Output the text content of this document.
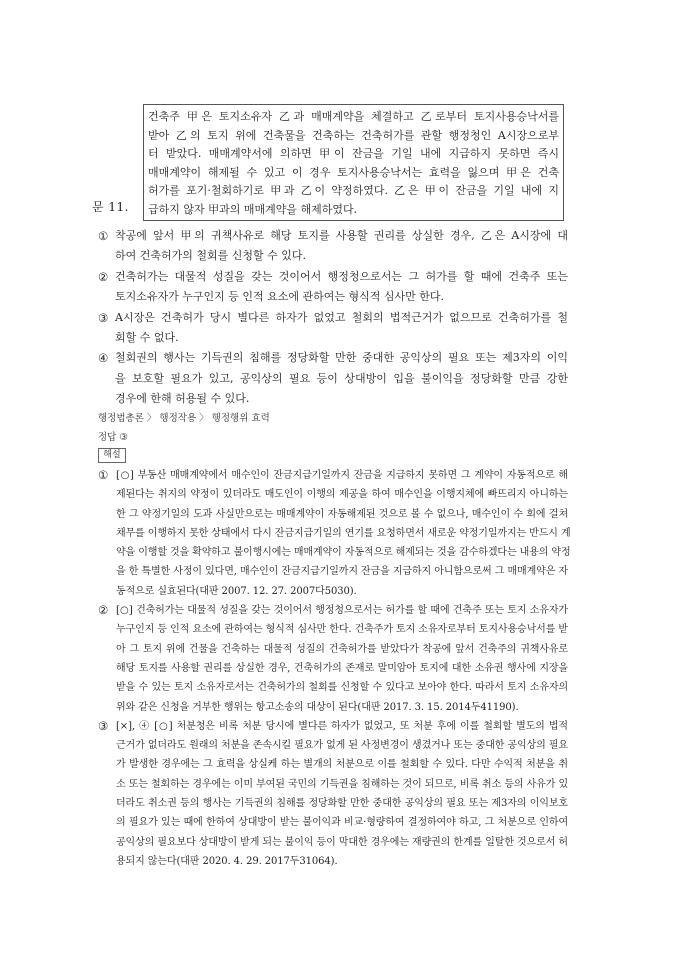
문 11.
건축주 甲은 토지소유자 乙과 매매계약을 체결하고 乙로부터 토지사용승낙서를
받아 乙의 토지 위에 건축물을 건축하는 건축허가를 관할 행정청인 A시장으로부
터 받았다. 매매계약서에 의하면 甲이 잔금을 기일 내에 지급하지 못하면 즉시
매매계약이 해제될 수 있고 이 경우 토지사용승낙서는 효력을 잃으며 甲은 건축
허가를 포기·철회하기로 甲과 乙이 약정하였다. 乙은 甲이 잔금을 기일 내에 지
급하지 않자 甲과의 매매계약을 해제하였다.
① 착공에 앞서 甲의 귀책사유로 해당 토지를 사용할 권리를 상실한 경우, 乙은 A시장에 대
하여 건축허가의 철회를 신청할 수 있다.
② 건축허가는 대물적 성질을 갖는 것이어서 행정청으로서는 그 허가를 할 때에 건축주 또는
토지소유자가 누구인지 등 인적 요소에 관하여는 형식적 심사만 한다.
③ A시장은 건축허가 당시 별다른 하자가 없었고 철회의 법적근거가 없으므로 건축허가를 철
회할 수 없다.
④ 철회권의 행사는 기득권의 침해를 정당화할 만한 중대한 공익상의 필요 또는 제3자의 이익
을 보호할 필요가 있고, 공익상의 필요 등이 상대방이 입을 불이익을 정당화할 만큼 강한
경우에 한해 허용될 수 있다.
행정법총론 〉 행정작용 〉 행정행위 효력
정답 ③
해설
① [○] 부동산 매매계약에서 매수인이 잔금지급기일까지 잔금을 지급하지 못하면 그 계약이 자동적으로 해
제된다는 취지의 약정이 있더라도 매도인이 이행의 제공을 하여 매수인을 이행지체에 빠뜨리지 아니하는
한 그 약정기일의 도과 사실만으로는 매매계약이 자동해제된 것으로 볼 수 없으나, 매수인이 수 회에 걸쳐
채무를 이행하지 못한 상태에서 다시 잔금지급기일의 연기를 요청하면서 새로운 약정기일까지는 반드시 계
약을 이행할 것을 확약하고 불이행시에는 매매계약이 자동적으로 해제되는 것을 감수하겠다는 내용의 약정
을 한 특별한 사정이 있다면, 매수인이 잔금지급기일까지 잔금을 지급하지 아니함으로써 그 매매계약은 자
동적으로 실효된다(대판 2007. 12. 27. 2007다5030).
② [○] 건축허가는 대물적 성질을 갖는 것이어서 행정청으로서는 허가를 할 때에 건축주 또는 토지 소유자가
누구인지 등 인적 요소에 관하여는 형식적 심사만 한다. 건축주가 토지 소유자로부터 토지사용승낙서를 받
아 그 토지 위에 건물을 건축하는 대물적 성질의 건축허가를 받았다가 착공에 앞서 건축주의 귀책사유로
해당 토지를 사용할 권리를 상실한 경우, 건축허가의 존재로 말미암아 토지에 대한 소유권 행사에 지장을
받을 수 있는 토지 소유자로서는 건축허가의 철회를 신청할 수 있다고 보아야 한다. 따라서 토지 소유자의
위와 같은 신청을 거부한 행위는 항고소송의 대상이 된다(대판 2017. 3. 15. 2014두41190).
③ [×], ④ [○] 처분청은 비록 처분 당시에 별다른 하자가 없었고, 또 처분 후에 이를 철회할 별도의 법적
근거가 없더라도 원래의 처분을 존속시킬 필요가 없게 된 사정변경이 생겼거나 또는 중대한 공익상의 필요
가 발생한 경우에는 그 효력을 상실케 하는 별개의 처분으로 이를 철회할 수 있다. 다만 수익적 처분을 취
소 또는 철회하는 경우에는 이미 부여된 국민의 기득권을 침해하는 것이 되므로, 비록 취소 등의 사유가 있
더라도 취소권 등의 행사는 기득권의 침해를 정당화할 만한 중대한 공익상의 필요 또는 제3자의 이익보호
의 필요가 있는 때에 한하여 상대방이 받는 불이익과 비교·형량하여 결정하여야 하고, 그 처분으로 인하여
공익상의 필요보다 상대방이 받게 되는 불이익 등이 막대한 경우에는 재량권의 한계를 일탈한 것으로서 허
용되지 않는다(대판 2020. 4. 29. 2017두31064).
